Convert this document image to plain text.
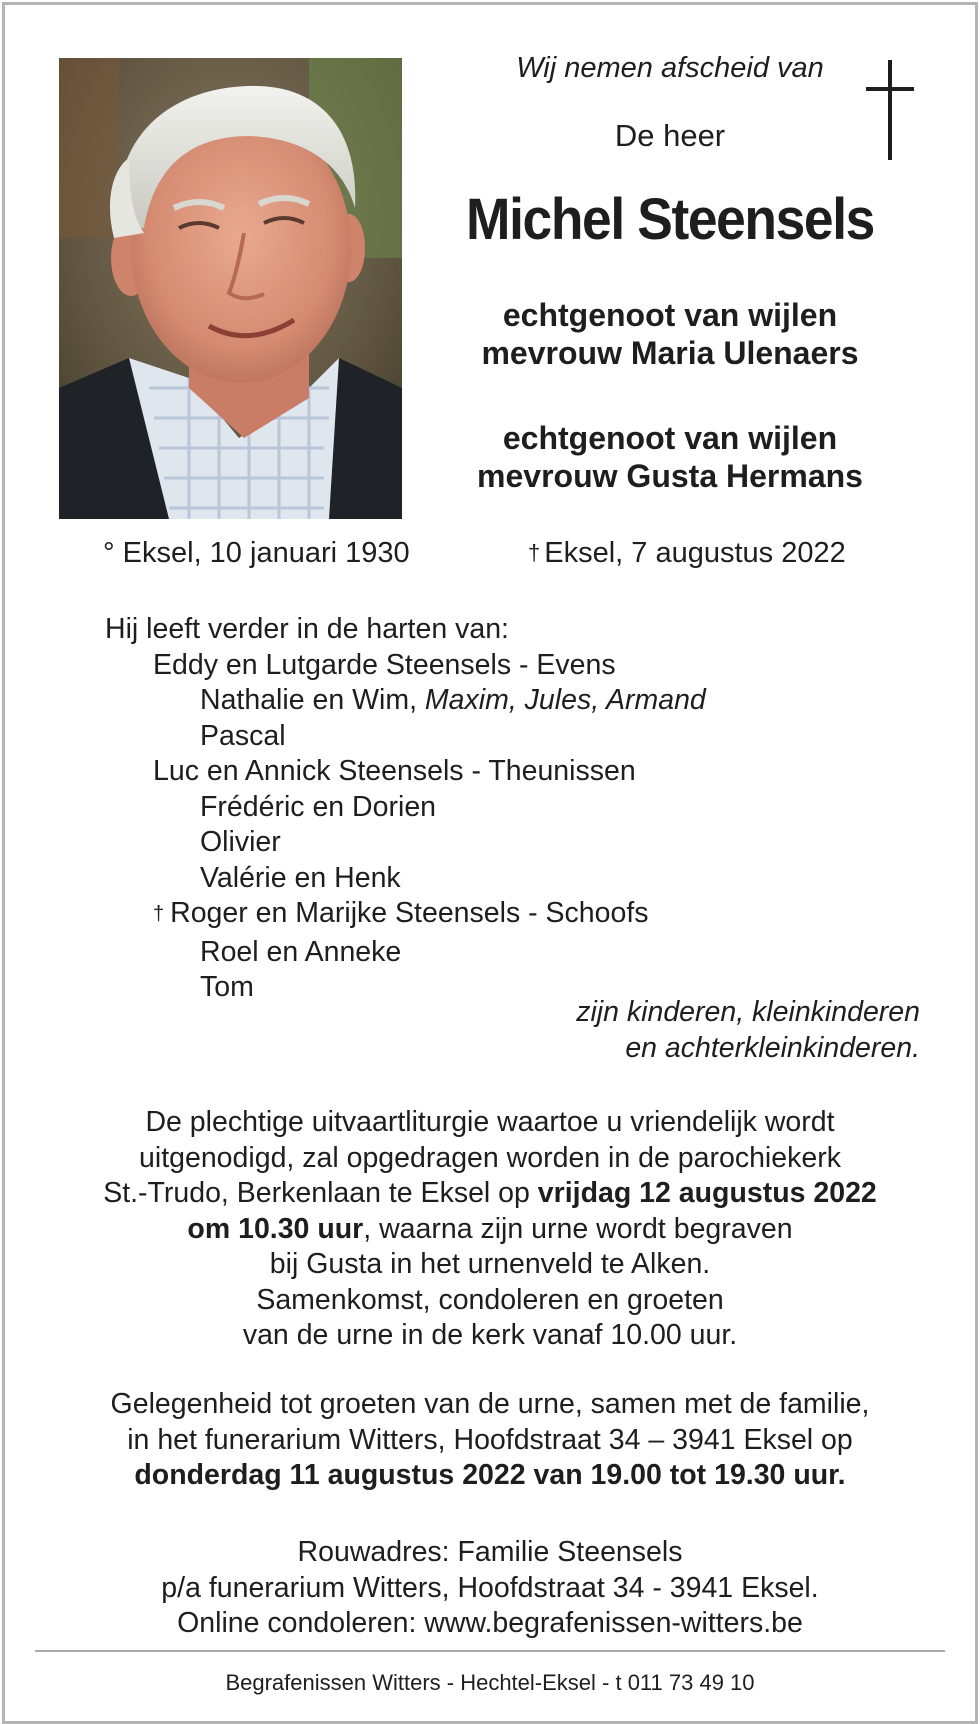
Wij nemen afscheid van
De heer
Michel Steensels
echtgenoot van wijlen
mevrouw Maria Ulenaers
echtgenoot van wijlen
mevrouw Gusta Hermans
° Eksel, 10 januari 1930	† Eksel, 7 augustus 2022
Hij leeft verder in de harten van:
Eddy en Lutgarde Steensels - Evens
Nathalie en Wim, Maxim, Jules, Armand
Pascal
Luc en Annick Steensels - Theunissen
Frédéric en Dorien
Olivier
Valérie en Henk
† Roger en Marijke Steensels - Schoofs
Roel en Anneke
Tom
zijn kinderen, kleinkinderen
en achterkleinkinderen.
De plechtige uitvaartliturgie waartoe u vriendelijk wordt
uitgenodigd, zal opgedragen worden in de parochiekerk
St.-Trudo, Berkenlaan te Eksel op vrijdag 12 augustus 2022
om 10.30 uur, waarna zijn urne wordt begraven
bij Gusta in het urnenveld te Alken.
Samenkomst, condoleren en groeten
van de urne in de kerk vanaf 10.00 uur.
Gelegenheid tot groeten van de urne, samen met de familie,
in het funerarium Witters, Hoofdstraat 34 – 3941 Eksel op
donderdag 11 augustus 2022 van 19.00 tot 19.30 uur.
Rouwadres: Familie Steensels
p/a funerarium Witters, Hoofdstraat 34 - 3941 Eksel.
Online condoleren: www.begrafenissen-witters.be
Begrafenissen Witters - Hechtel-Eksel - t 011 73 49 10
